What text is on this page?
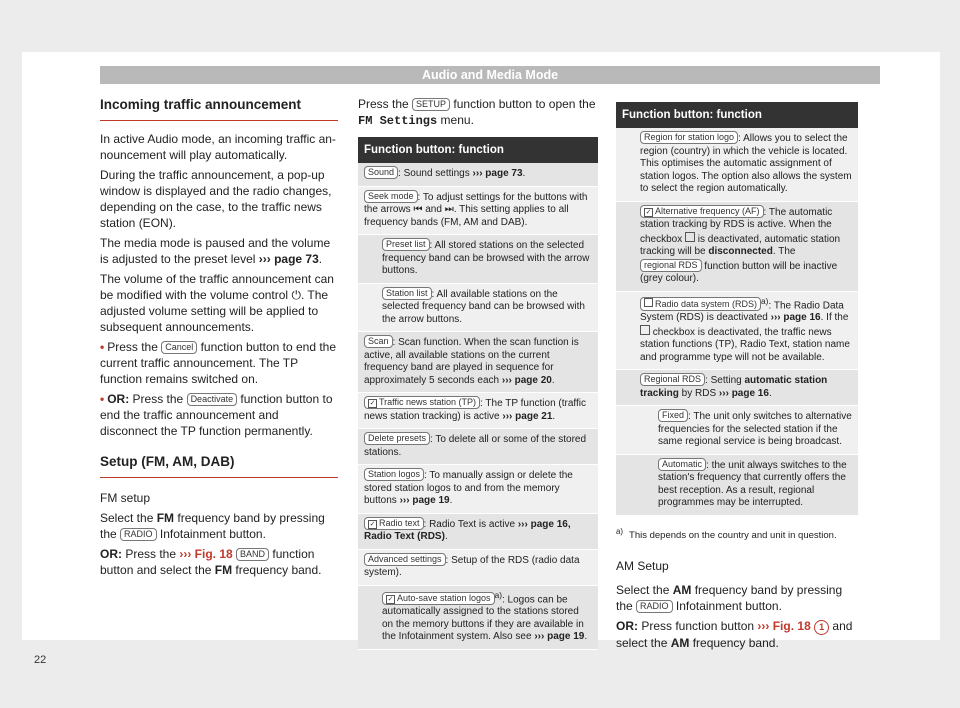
Audio and Media Mode
Incoming traffic announcement

In active Audio mode, an incoming traffic announcement will play automatically.

During the traffic announcement, a pop-up window is displayed and the radio changes, depending on the case, to the traffic news station (EON).

The media mode is paused and the volume is adjusted to the preset level ››› page 73.

The volume of the traffic announcement can be modified with the volume control ⏻. The adjusted volume setting will be applied to subsequent announcements.

• Press the Cancel function button to end the current traffic announcement. The TP function remains switched on.

• OR: Press the Deactivate function button to end the traffic announcement and disconnect the TP function permanently.

Setup (FM, AM, DAB)

FM setup

Select the FM frequency band by pressing the RADIO Infotainment button.

OR: Press the ››› Fig. 18 BAND function button and select the FM frequency band.

Press the SETUP function button to open the FM Settings menu.

Function button: function
Sound : Sound settings ››› page 73.
Seek mode : To adjust settings for the buttons with the arrows ⏮ and ⏭. This setting applies to all frequency bands (FM, AM and DAB).
Preset list : All stored stations on the selected frequency band can be browsed with the arrow buttons.
Station list : All available stations on the selected frequency band can be browsed with the arrow buttons.
Scan : Scan function. When the scan function is active, all available stations on the current frequency band are played in sequence for approximately 5 seconds each ››› page 20.
✓ Traffic news station (TP) : The TP function (traffic news station tracking) is active ››› page 21.
Delete presets : To delete all or some of the stored stations.
Station logos : To manually assign or delete the stored station logos to and from the memory buttons ››› page 19.
✓ Radio text : Radio Text is active ››› page 16, Radio Text (RDS).
Advanced settings : Setup of the RDS (radio data system).
✓ Auto-save station logos $^{a)}$: Logos can be automatically assigned to the stations stored on the memory buttons if they are available in the Infotainment system. Also see ››› page 19.
Function button: function
Region for station logo : Allows you to select the region (country) in which the vehicle is located. This optimises the automatic assignment of station logos. The option also allows the system to select the region automatically.
✓ Alternative frequency (AF) : The automatic station tracking by RDS is active. When the checkbox  is deactivated, automatic station tracking will be disconnected. The regional RDS function button will be inactive (grey colour).
Radio data system (RDS) $^{a)}$: The Radio Data System (RDS) is deactivated ››› page 16. If the  checkbox is deactivated, the traffic news station functions (TP), Radio Text, station name and programme type will not be available.
Regional RDS : Setting automatic station tracking by RDS ››› page 16.
Fixed : The unit only switches to alternative frequencies for the selected station if the same regional service is being broadcast.
Automatic : the unit always switches to the station's frequency that currently offers the best reception. As a result, regional programmes may be interrupted.
$^{a)}$ This depends on the country and unit in question.

AM Setup

Select the AM frequency band by pressing the RADIO Infotainment button.

OR: Press function button ››› Fig. 18 1 and select the AM frequency band.

22
